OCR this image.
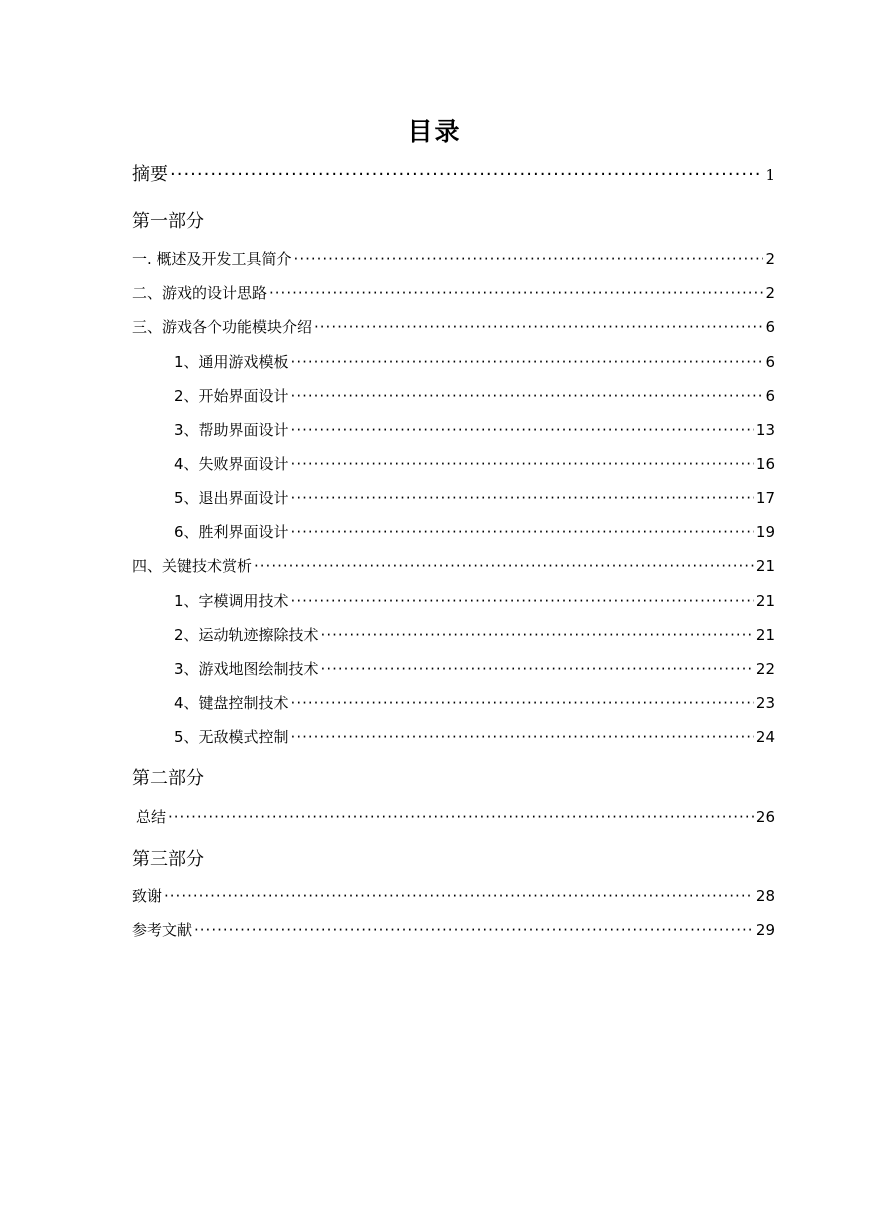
目录
摘要 ·····	1
第一部分
一. 概述及开发工具简介 ·····	2
二、游戏的设计思路 ·····	2
三、游戏各个功能模块介绍 ·····	6
1、通用游戏模板 ·····	6
2、开始界面设计 ·····	6
3、帮助界面设计 ·····	13
4、失败界面设计 ·····	16
5、退出界面设计 ·····	17
6、胜利界面设计 ·····	19
四、关键技术赏析 ·····	21
1、字模调用技术 ·····	21
2、运动轨迹擦除技术 ·····	21
3、游戏地图绘制技术 ·····	22
4、键盘控制技术 ·····	23
5、无敌模式控制 ·····	24
第二部分
总结 ·····	26
第三部分
致谢 ·····	28
参考文献 ·····	29
